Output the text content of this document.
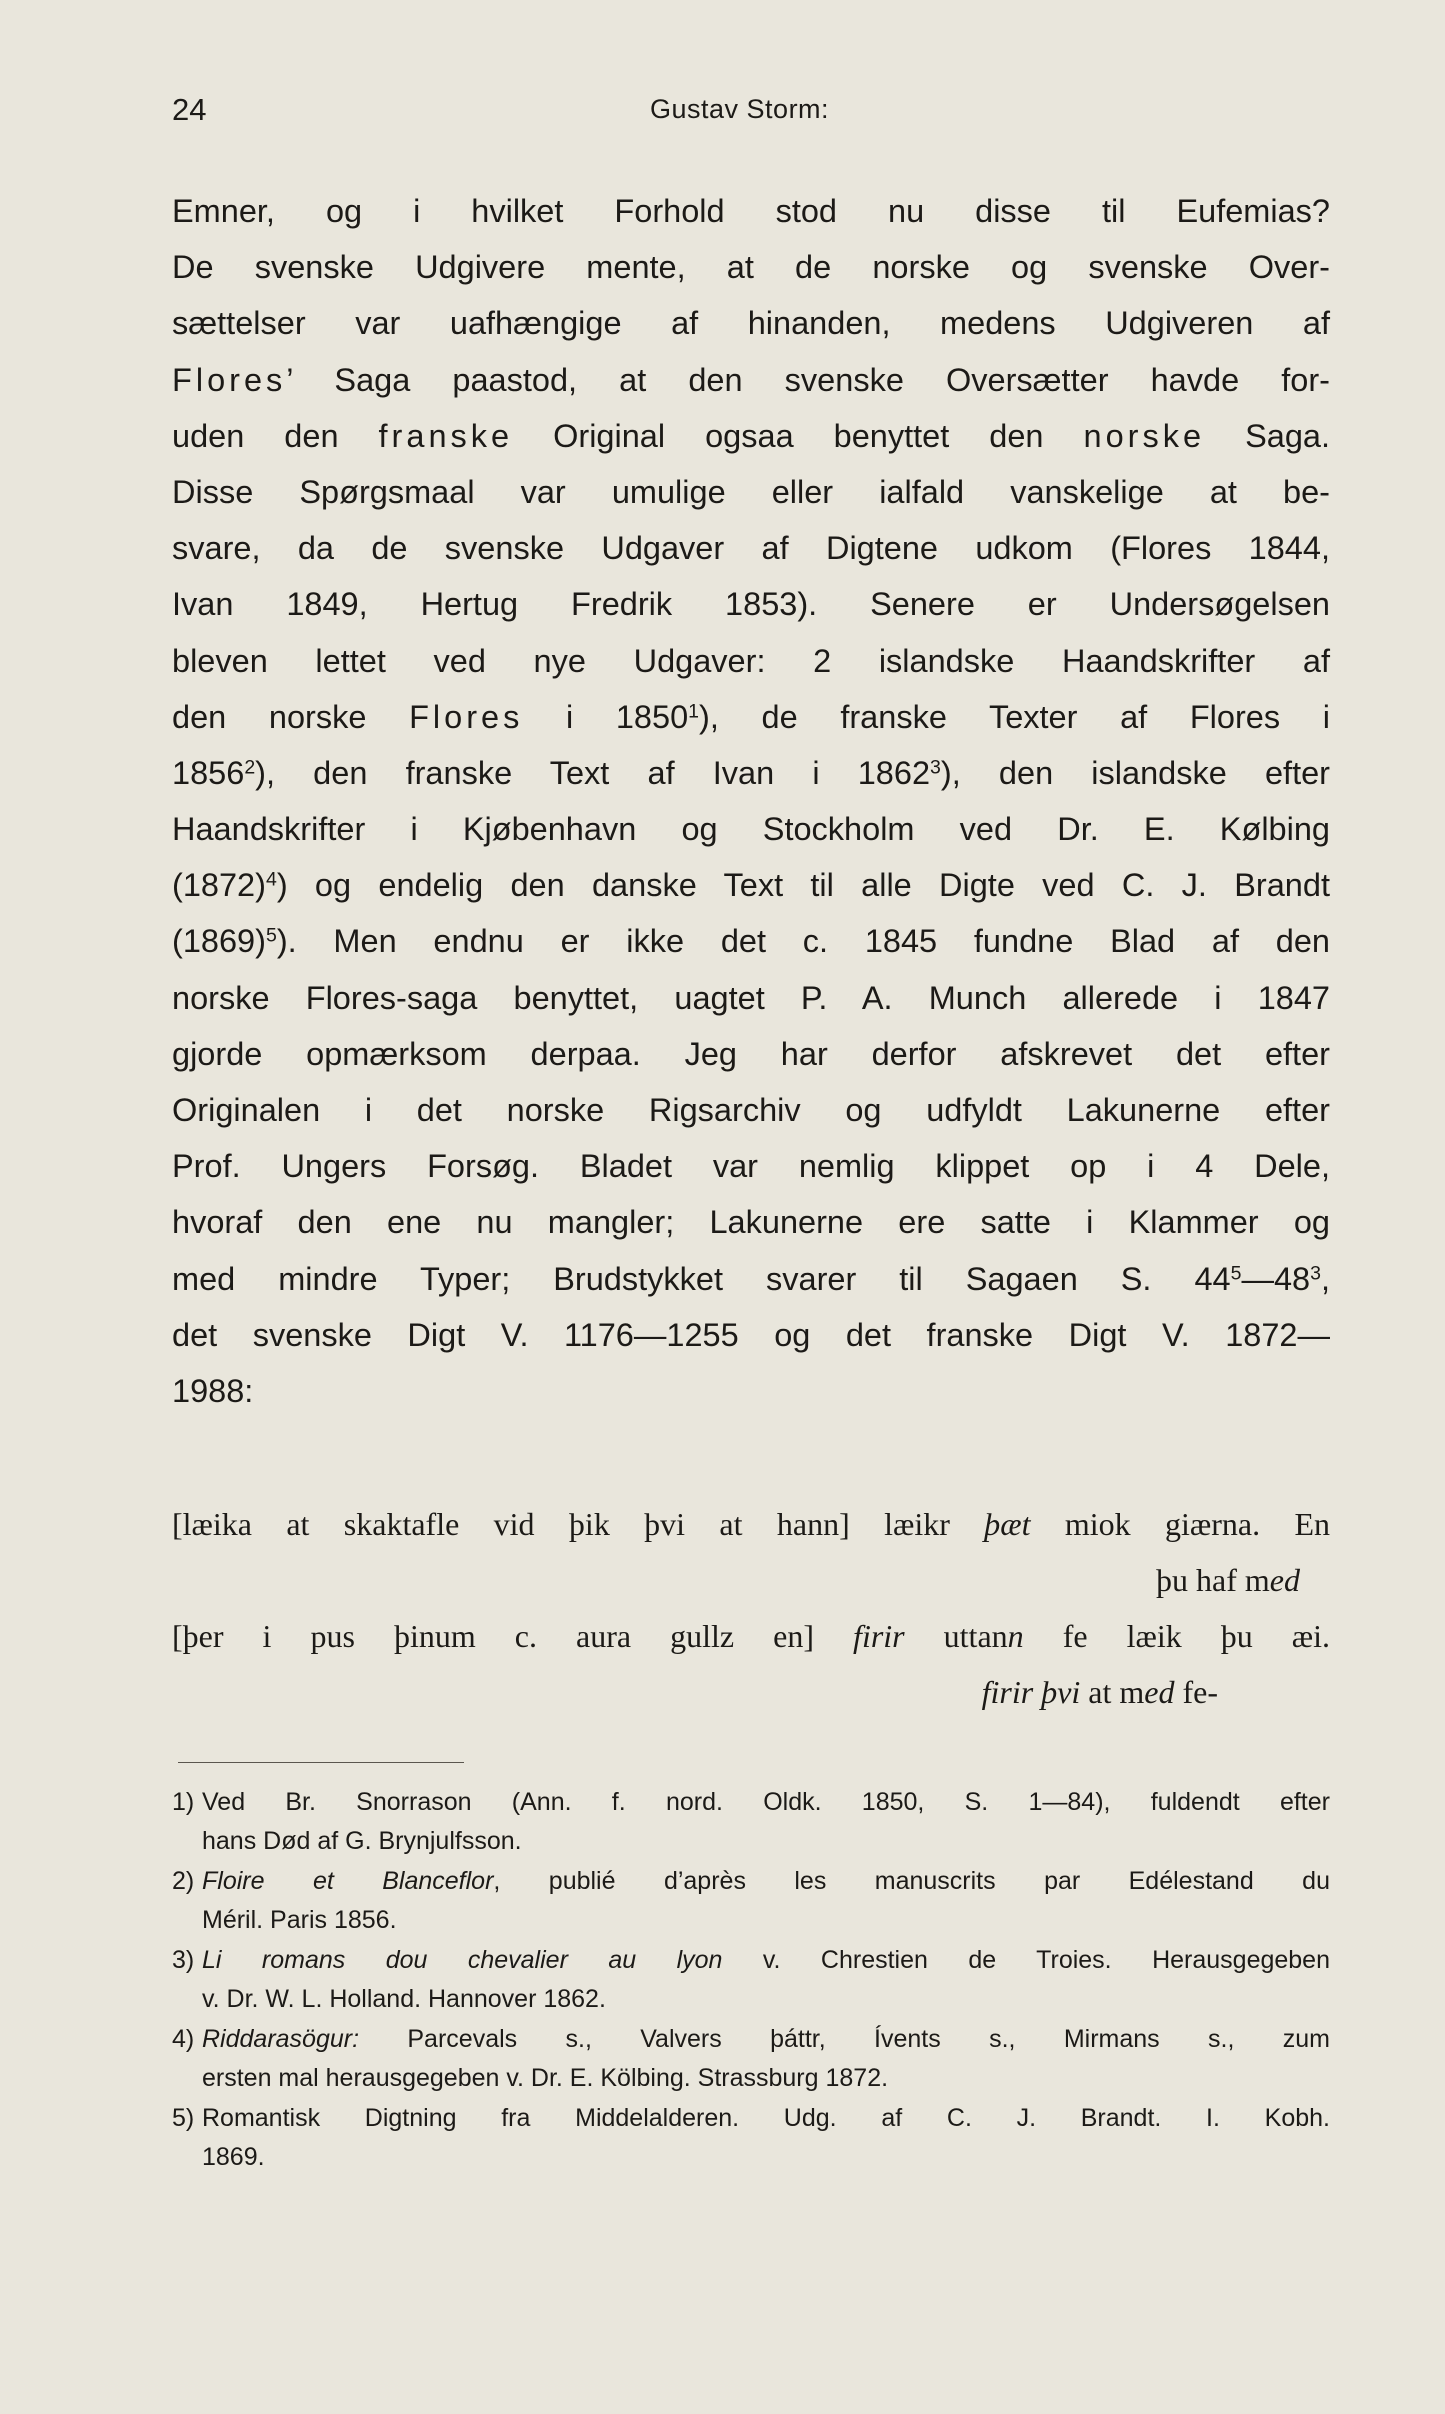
24	Gustav Storm:
Emner, og i hvilket Forhold stod nu disse til Eufemias?
De svenske Udgivere mente, at de norske og svenske Over-
sættelser var uafhængige af hinanden, medens Udgiveren af
Flores’ Saga paastod, at den svenske Oversætter havde for-
uden den franske Original ogsaa benyttet den norske Saga.
Disse Spørgsmaal var umulige eller ialfald vanskelige at be-
svare, da de svenske Udgaver af Digtene udkom (Flores 1844,
Ivan 1849, Hertug Fredrik 1853). Senere er Undersøgelsen
bleven lettet ved nye Udgaver: 2 islandske Haandskrifter af
den norske Flores i 1850$^1$), de franske Texter af Flores i
1856$^2$), den franske Text af Ivan i 1862$^3$), den islandske efter
Haandskrifter i Kjøbenhavn og Stockholm ved Dr. E. Kølbing
$(1872)^4$) og endelig den danske Text til alle Digte ved C. J. Brandt
$(1869)^5$). Men endnu er ikke det c. 1845 fundne Blad af den
norske Flores-saga benyttet, uagtet P. A. Munch allerede i 1847
gjorde opmærksom derpaa. Jeg har derfor afskrevet det efter
Originalen i det norske Rigsarchiv og udfyldt Lakunerne efter
Prof. Ungers Forsøg. Bladet var nemlig klippet op i 4 Dele,
hvoraf den ene nu mangler; Lakunerne ere satte i Klammer og
med mindre Typer; Brudstykket svarer til Sagaen S. $44^5—48^3$,
det svenske Digt V. 1176—1255 og det franske Digt V. 1872—
1988:
[læika at skaktafle vid þik þvi at hann] læikr þæt miok giærna. En
þu haf med
[þer i pus þinum c. aura gullz en] firir uttann fe læik þu æi.
firir þvi at med fe-
1) Ved Br. Snorrason (Ann. f. nord. Oldk. 1850, S. 1—84), fuldendt efter
hans Død af G. Brynjulfsson.
2) Floire et Blanceflor, publié d’après les manuscrits par Edélestand du
Méril. Paris 1856.
3) Li romans dou chevalier au lyon v. Chrestien de Troies. Herausgegeben
v. Dr. W. L. Holland. Hannover 1862.
4) Riddarasögur: Parcevals s., Valvers þáttr, Ívents s., Mirmans s., zum
ersten mal herausgegeben v. Dr. E. Kölbing. Strassburg 1872.
5) Romantisk Digtning fra Middelalderen. Udg. af C. J. Brandt. I. Kobh.
1869.
